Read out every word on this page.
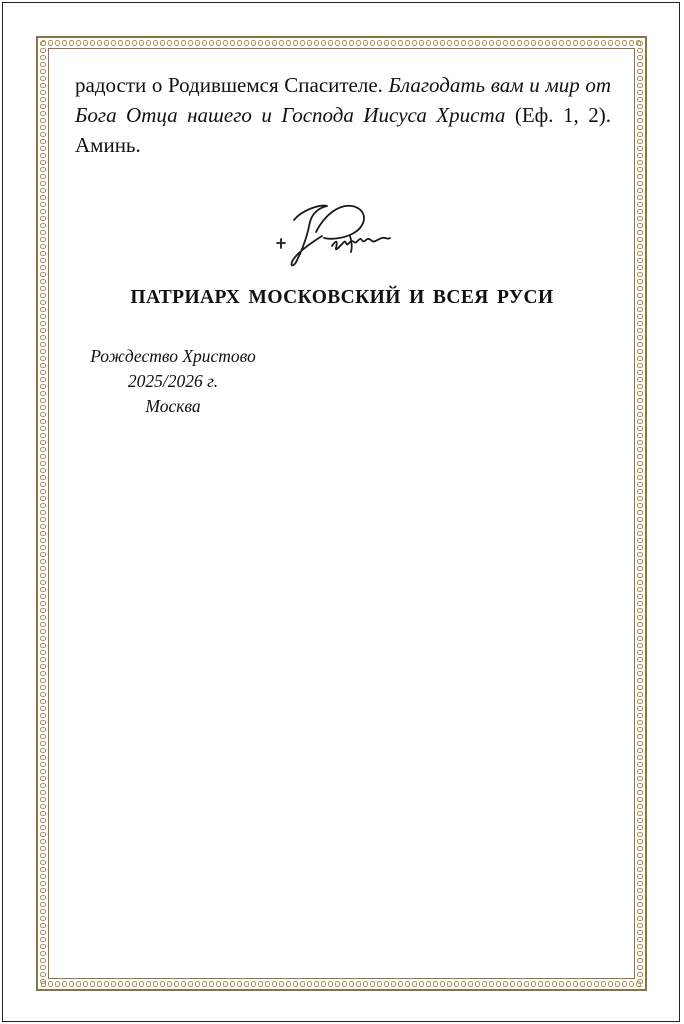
радости о Родившемся Спасителе. Благодать вам и мир от Бога Отца нашего и Господа Иисуса Христа (Еф. 1, 2). Аминь.

ПАТРИАРХ МОСКОВСКИЙ И ВСЕЯ РУСИ
Рождество Христово
2025/2026 г.
Москва
